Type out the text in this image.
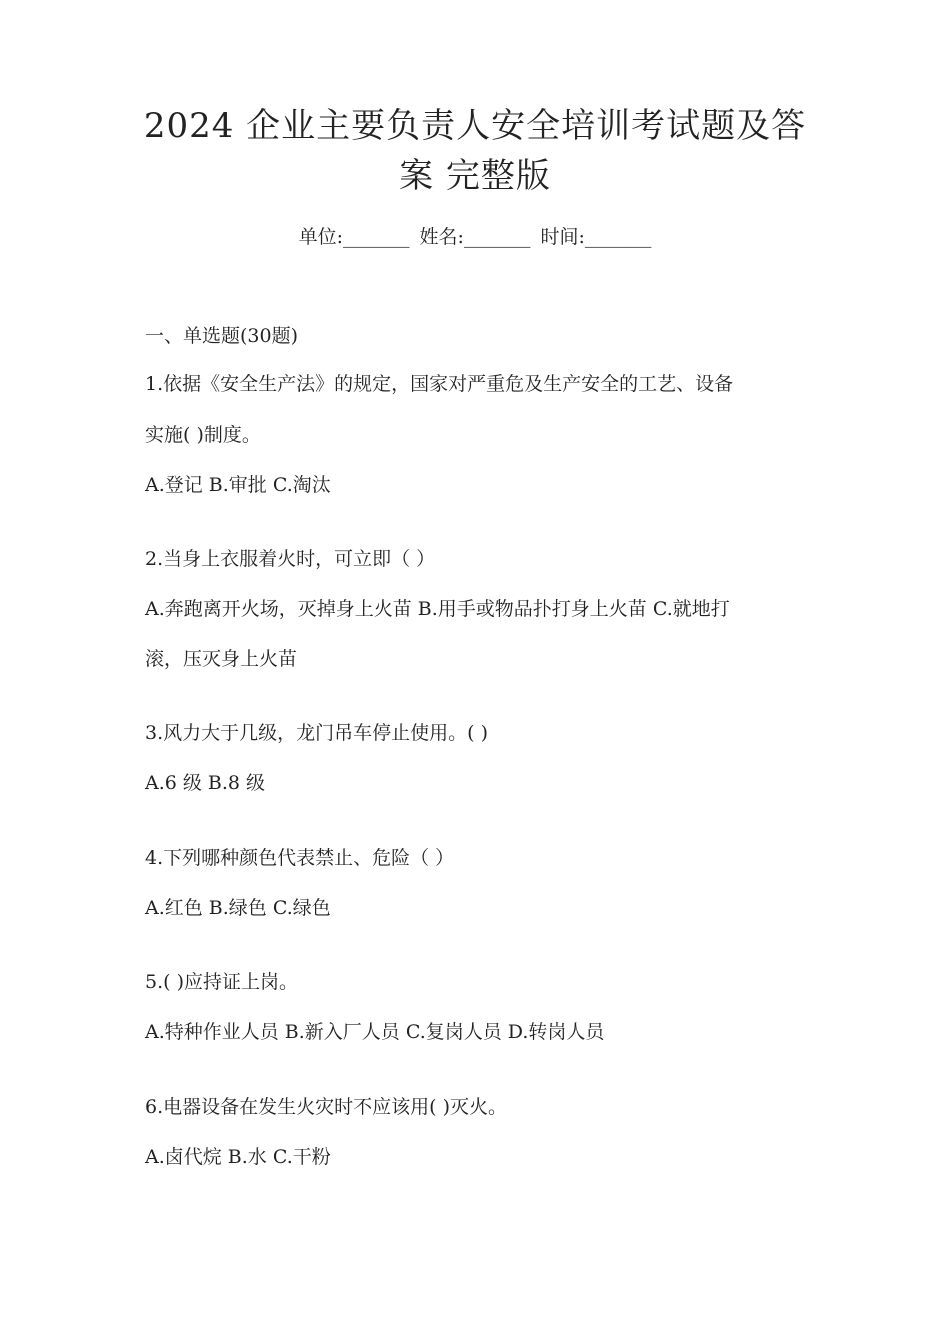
2024 企业主要负责人安全培训考试题及答
案 完整版
单位:_______ 姓名:_______ 时间:_______
一、单选题(30题)
1.依据《安全生产法》的规定，国家对严重危及生产安全的工艺、设备
实施( )制度。
A.登记 B.审批 C.淘汰
2.当身上衣服着火时，可立即（ ）
A.奔跑离开火场，灭掉身上火苗 B.用手或物品扑打身上火苗 C.就地打
滚，压灭身上火苗
3.风力大于几级，龙门吊车停止使用。( )
A.6 级 B.8 级
4.下列哪种颜色代表禁止、危险（ ）
A.红色 B.绿色 C.绿色
5.( )应持证上岗。
A.特种作业人员 B.新入厂人员 C.复岗人员 D.转岗人员
6.电器设备在发生火灾时不应该用( )灭火。
A.卤代烷 B.水 C.干粉
